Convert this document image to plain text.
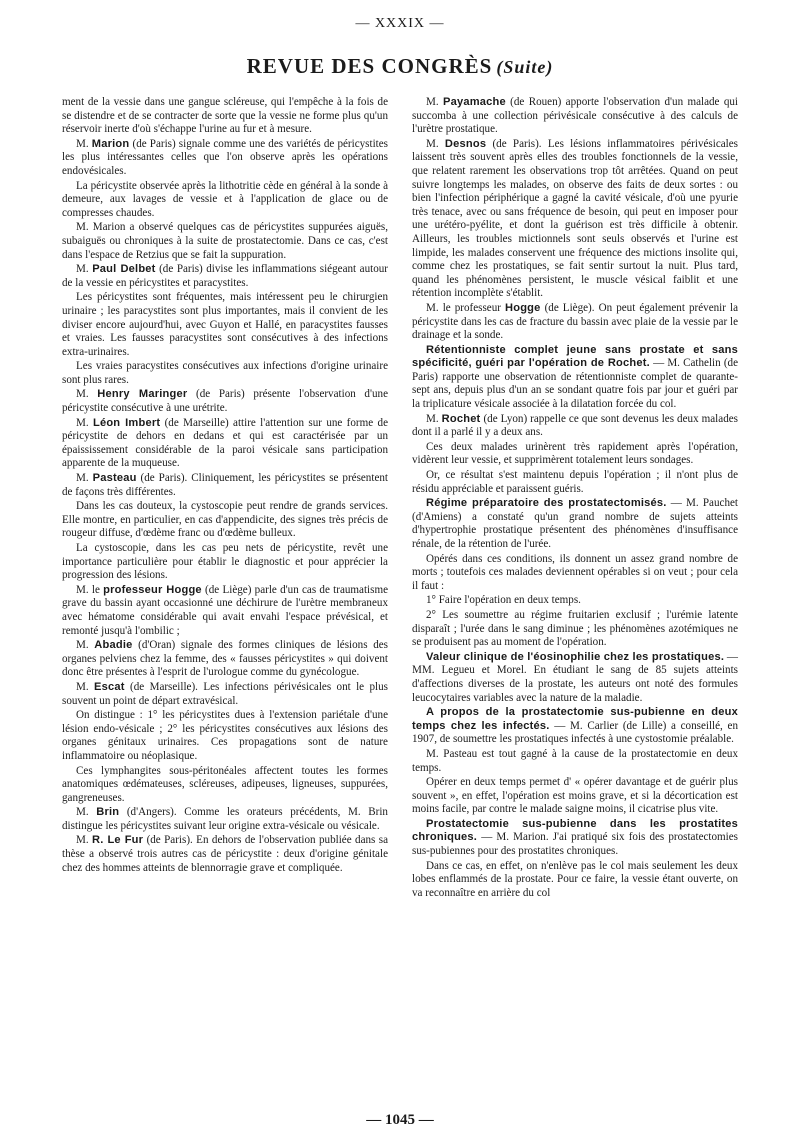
— XXXIX —
REVUE DES CONGRÈS (Suite)

ment de la vessie dans une gangue scléreuse, qui l'empêche à la fois de se distendre et de se contracter de sorte que la vessie ne forme plus qu'un réservoir inerte d'où s'échappe l'urine au fur et à mesure.

M. Marion (de Paris) signale comme une des variétés de péricystites les plus intéressantes celles que l'on observe après les opérations endovésicales.

La péricystite observée après la lithotritie cède en général à la sonde à demeure, aux lavages de vessie et à l'application de glace ou de compresses chaudes.

M. Marion a observé quelques cas de péricystites suppurées aiguës, subaiguës ou chroniques à la suite de prostatectomie. Dans ce cas, c'est dans l'espace de Retzius que se fait la suppuration.

M. Paul Delbet (de Paris) divise les inflammations siégeant autour de la vessie en péricystites et paracystites.

Les péricystites sont fréquentes, mais intéressent peu le chirurgien urinaire ; les paracystites sont plus importantes, mais il convient de les diviser encore aujourd'hui, avec Guyon et Hallé, en paracystites fausses et vraies. Les fausses paracystites sont consécutives à des infections extra-urinaires.

Les vraies paracystites consécutives aux infections d'origine urinaire sont plus rares.

M. Henry Maringer (de Paris) présente l'observation d'une péricystite consécutive à une urétrite.

M. Léon Imbert (de Marseille) attire l'attention sur une forme de péricystite de dehors en dedans et qui est caractérisée par un épaississement considérable de la paroi vésicale sans participation apparente de la muqueuse.

M. Pasteau (de Paris). Cliniquement, les péricystites se présentent de façons très différentes.

Dans les cas douteux, la cystoscopie peut rendre de grands services. Elle montre, en particulier, en cas d'appendicite, des signes très précis de rougeur diffuse, d'œdème franc ou d'œdème bulleux.

La cystoscopie, dans les cas peu nets de péricystite, revêt une importance particulière pour établir le diagnostic et pour apprécier la progression des lésions.

M. le professeur Hogge (de Liège) parle d'un cas de traumatisme grave du bassin ayant occasionné une déchirure de l'urètre membraneux avec hématome considérable qui avait envahi l'espace prévésical, et remonté jusqu'à l'ombilic ;

M. Abadie (d'Oran) signale des formes cliniques de lésions des organes pelviens chez la femme, des « fausses péricystites » qui doivent donc être présentes à l'esprit de l'urologue comme du gynécologue.

M. Escat (de Marseille). Les infections périvésicales ont le plus souvent un point de départ extravésical.

On distingue : 1° les péricystites dues à l'extension pariétale d'une lésion endo-vésicale ; 2° les péricystites consécutives aux lésions des organes génitaux urinaires. Ces propagations sont de nature inflammatoire ou néoplasique.

Ces lymphangites sous-péritonéales affectent toutes les formes anatomiques œdémateuses, scléreuses, adipeuses, ligneuses, suppurées, gangreneuses.

M. Brin (d'Angers). Comme les orateurs précédents, M. Brin distingue les péricystites suivant leur origine extra-vésicale ou vésicale.

M. R. Le Fur (de Paris). En dehors de l'observation publiée dans sa thèse a observé trois autres cas de péricystite : deux d'origine génitale chez des hommes atteints de blennorragie grave et compliquée.

M. Payamache (de Rouen) apporte l'observation d'un malade qui succomba à une collection périvésicale consécutive à des calculs de l'urètre prostatique.

M. Desnos (de Paris). Les lésions inflammatoires périvésicales laissent très souvent après elles des troubles fonctionnels de la vessie, que relatent rarement les observations trop tôt arrêtées. Quand on peut suivre longtemps les malades, on observe des faits de deux sortes : ou bien l'infection périphérique a gagné la cavité vésicale, d'où une pyurie très tenace, avec ou sans fréquence de besoin, qui peut en imposer pour une urétéro-pyélite, et dont la guérison est très difficile à obtenir. Ailleurs, les troubles mictionnels sont seuls observés et l'urine est limpide, les malades conservent une fréquence des mictions insolite qui, comme chez les prostatiques, se fait sentir surtout la nuit. Plus tard, quand les phénomènes persistent, le muscle vésical faiblit et une rétention incomplète s'établit.

M. le professeur Hogge (de Liège). On peut également prévenir la péricystite dans les cas de fracture du bassin avec plaie de la vessie par le drainage et la sonde.

Rétentionniste complet jeune sans prostate et sans spécificité, guéri par l'opération de Rochet. — M. Cathelin (de Paris) rapporte une observation de rétentionniste complet de quarante-sept ans, depuis plus d'un an se sondant quatre fois par jour et guéri par la triplicature vésicale associée à la dilatation forcée du col.

M. Rochet (de Lyon) rappelle ce que sont devenus les deux malades dont il a parlé il y a deux ans.

Ces deux malades urinèrent très rapidement après l'opération, vidèrent leur vessie, et supprimèrent totalement leurs sondages.

Or, ce résultat s'est maintenu depuis l'opération ; il n'ont plus de résidu appréciable et paraissent guéris.

Régime préparatoire des prostatectomisés. — M. Pauchet (d'Amiens) a constaté qu'un grand nombre de sujets atteints d'hypertrophie prostatique présentent des phénomènes d'insuffisance rénale, de la rétention de l'urée.

Opérés dans ces conditions, ils donnent un assez grand nombre de morts ; toutefois ces malades deviennent opérables si on veut ; pour cela il faut :

1° Faire l'opération en deux temps.

2° Les soumettre au régime fruitarien exclusif ; l'urémie latente disparaît ; l'urée dans le sang diminue ; les phénomènes azotémiques ne se produisent pas au moment de l'opération.

Valeur clinique de l'éosinophilie chez les prostatiques. — MM. Legueu et Morel. En étudiant le sang de 85 sujets atteints d'affections diverses de la prostate, les auteurs ont noté des formules leucocytaires variables avec la nature de la maladie.

A propos de la prostatectomie sus-pubienne en deux temps chez les infectés. — M. Carlier (de Lille) a conseillé, en 1907, de soumettre les prostatiques infectés à une cystostomie préalable.

M. Pasteau est tout gagné à la cause de la prostatectomie en deux temps.

Opérer en deux temps permet d' « opérer davantage et de guérir plus souvent », en effet, l'opération est moins grave, et si la décortication est moins facile, par contre le malade saigne moins, il cicatrise plus vite.

Prostatectomie sus-pubienne dans les prostatites chroniques. — M. Marion. J'ai pratiqué six fois des prostatectomies sus-pubiennes pour des prostatites chroniques.

Dans ce cas, en effet, on n'enlève pas le col mais seulement les deux lobes enflammés de la prostate. Pour ce faire, la vessie étant ouverte, on va reconnaître en arrière du col

— 1045 —
